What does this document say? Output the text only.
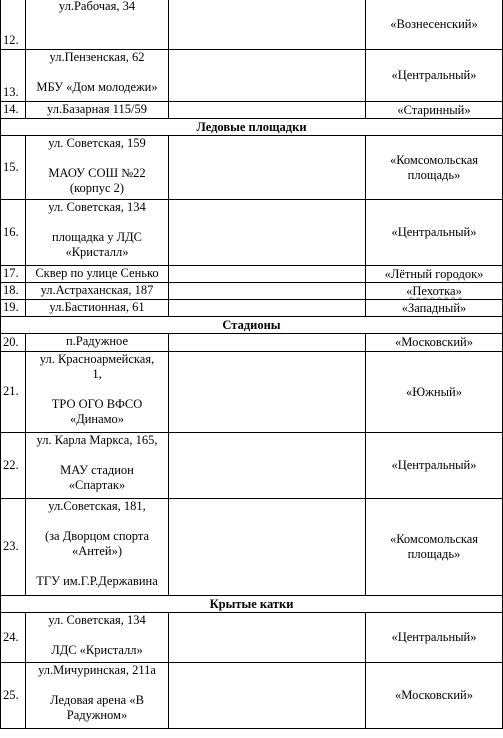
12.	ул.Рабочая, 34		«Вознесенский»
13.	ул.Пензенская, 62
МБУ «Дом молодежи»		«Центральный»
14.	ул.Базарная 115/59		«Старинный»
Ледовые площадки			
15.	ул. Советская, 159
МАОУ СОШ №22
(корпус 2)		«Комсомольская
площадь»

16.	ул. Советская, 134
площадка у ЛДС
«Кристалл»		«Центральный»
17.	Сквер по улице Сенько		«Лётный городок»
18.	ул.Астраханская, 187		«Пехотка»
19.	ул.Бастионная, 61		«Западный»
Стадионы			
20.	п.Радужное		«Московский»
21.	ул. Красноармейская,
1,
ТРО ОГО ВФСО
«Динамо»		«Южный»
22.	ул. Карла Маркса, 165,
МАУ стадион
«Спартак»		«Центральный»
23.	ул.Советская, 181,
(за Дворцом спорта
«Антей»)
ТГУ им.Г.Р.Державина		«Комсомольская
площадь»

Крытые катки			
24.	ул. Советская, 134
ЛДС «Кристалл»		«Центральный»
25.	ул.Мичуринская, 211а
Ледовая арена «В
Радужном»		«Московский»
